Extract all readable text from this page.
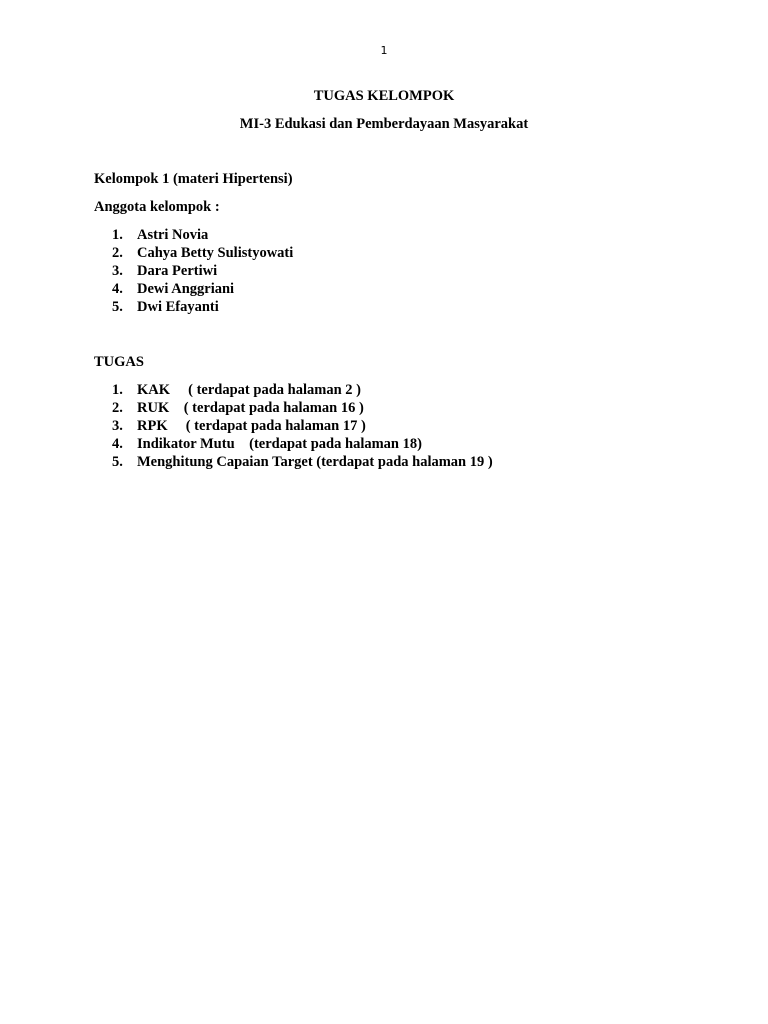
1
TUGAS KELOMPOK
MI-3 Edukasi dan Pemberdayaan Masyarakat
Kelompok 1 (materi Hipertensi)
Anggota kelompok :
1. Astri Novia
2. Cahya Betty Sulistyowati
3. Dara Pertiwi
4. Dewi Anggriani
5. Dwi Efayanti
TUGAS
1. KAK     ( terdapat pada halaman 2 )
2. RUK    ( terdapat pada halaman 16 )
3. RPK     ( terdapat pada halaman 17 )
4. Indikator Mutu    (terdapat pada halaman 18)
5. Menghitung Capaian Target (terdapat pada halaman 19 )
